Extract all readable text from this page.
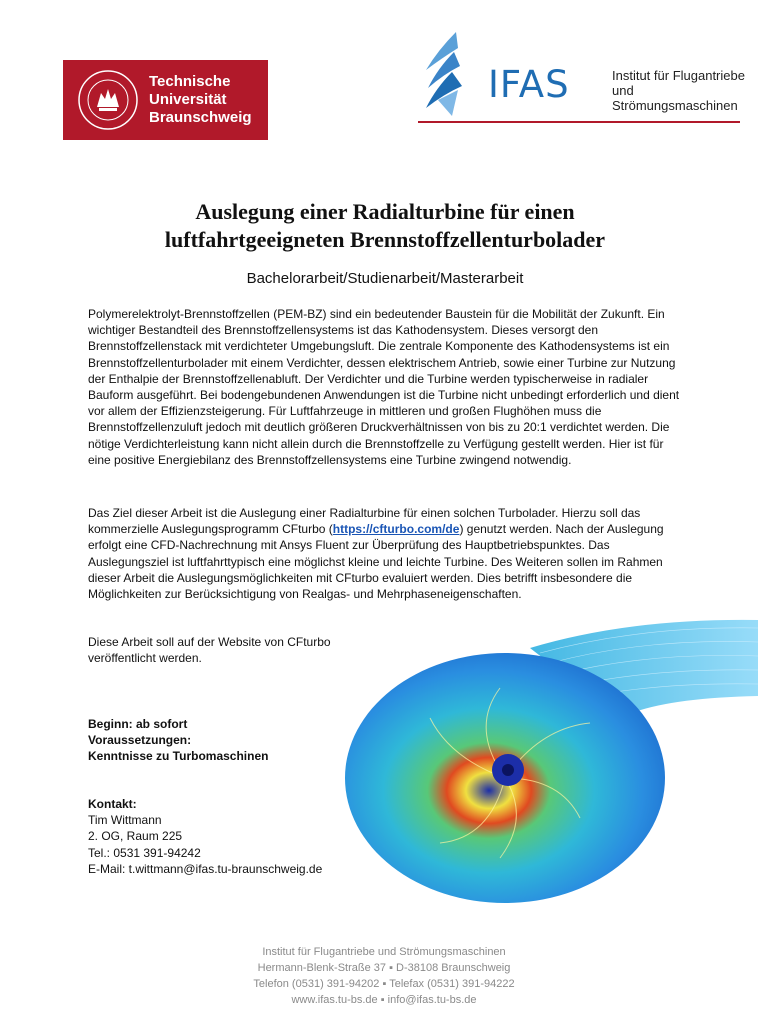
Technische
Universität
Braunschweig
IFAS	Institut für Flugantriebe
und Strömungsmaschinen
Auslegung einer Radialturbine für einen
luftfahrtgeeigneten Brennstoffzellenturbolader
Bachelorarbeit/Studienarbeit/Masterarbeit

Polymerelektrolyt-Brennstoffzellen (PEM-BZ) sind ein bedeutender Baustein für die Mobilität der Zukunft. Ein wichtiger Bestandteil des Brennstoffzellensystems ist das Kathodensystem. Dieses versorgt den Brennstoffzellenstack mit verdichteter Umgebungsluft. Die zentrale Komponente des Kathodensystems ist ein Brennstoffzellenturbolader mit einem Verdichter, dessen elektrischem Antrieb, sowie einer Turbine zur Nutzung der Enthalpie der Brennstoffzellenabluft. Der Verdichter und die Turbine werden typischerweise in radialer Bauform ausgeführt. Bei bodengebundenen Anwendungen ist die Turbine nicht unbedingt erforderlich und dient vor allem der Effizienzsteigerung. Für Luftfahrzeuge in mittleren und großen Flughöhen muss die Brennstoffzellenzuluft jedoch mit deutlich größeren Druckverhältnissen von bis zu 20:1 verdichtet werden. Die nötige Verdichterleistung kann nicht allein durch die Brennstoffzelle zu Verfügung gestellt werden. Hier ist für eine positive Energiebilanz des Brennstoffzellensystems eine Turbine zwingend notwendig.

Das Ziel dieser Arbeit ist die Auslegung einer Radialturbine für einen solchen Turbolader. Hierzu soll das kommerzielle Auslegungsprogramm CFturbo (https://cfturbo.com/de) genutzt werden. Nach der Auslegung erfolgt eine CFD-Nachrechnung mit Ansys Fluent zur Überprüfung des Hauptbetriebspunktes. Das Auslegungsziel ist luftfahrttypisch eine möglichst kleine und leichte Turbine. Des Weiteren sollen im Rahmen dieser Arbeit die Auslegungsmöglichkeiten mit CFturbo evaluiert werden. Dies betrifft insbesondere die Möglichkeiten zur Berücksichtigung von Realgas- und Mehrphaseneigenschaften.

Diese Arbeit soll auf der Website von CFturbo
veröffentlicht werden.

Beginn: ab sofort
Voraussetzungen:
Kenntnisse zu Turbomaschinen
Kontakt:
Tim Wittmann
2. OG, Raum 225
Tel.: 0531 391-94242
E-Mail: t.wittmann@ifas.tu-braunschweig.de
Institut für Flugantriebe und Strömungsmaschinen
Hermann-Blenk-Straße 37 ▪ D-38108 Braunschweig
Telefon (0531) 391-94202 ▪ Telefax (0531) 391-94222
www.ifas.tu-bs.de ▪ info@ifas.tu-bs.de
